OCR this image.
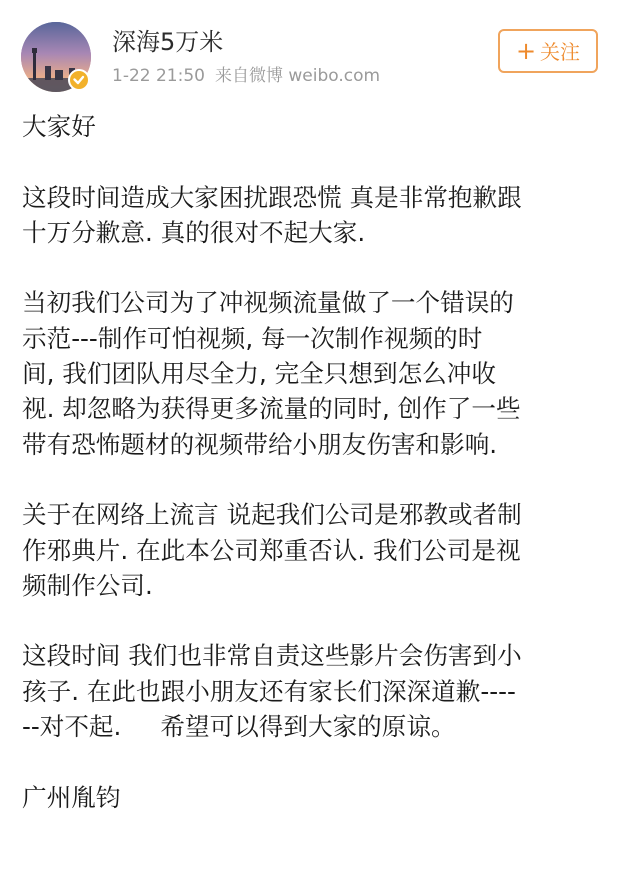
深海5万米
1-22 21:50 来自微博 weibo.com
+ 关注

大家好

这段时间造成大家困扰跟恐慌 真是非常抱歉跟

十万分歉意. 真的很对不起大家.

当初我们公司为了冲视频流量做了一个错误的

示范---制作可怕视频, 每一次制作视频的时

间, 我们团队用尽全力, 完全只想到怎么冲收

视. 却忽略为获得更多流量的同时, 创作了一些

带有恐怖题材的视频带给小朋友伤害和影响.

关于在网络上流言 说起我们公司是邪教或者制

作邪典片. 在此本公司郑重否认. 我们公司是视

频制作公司.

这段时间 我们也非常自责这些影片会伤害到小

孩子. 在此也跟小朋友还有家长们深深道歉----

--对不起.     希望可以得到大家的原谅。

广州胤钧
